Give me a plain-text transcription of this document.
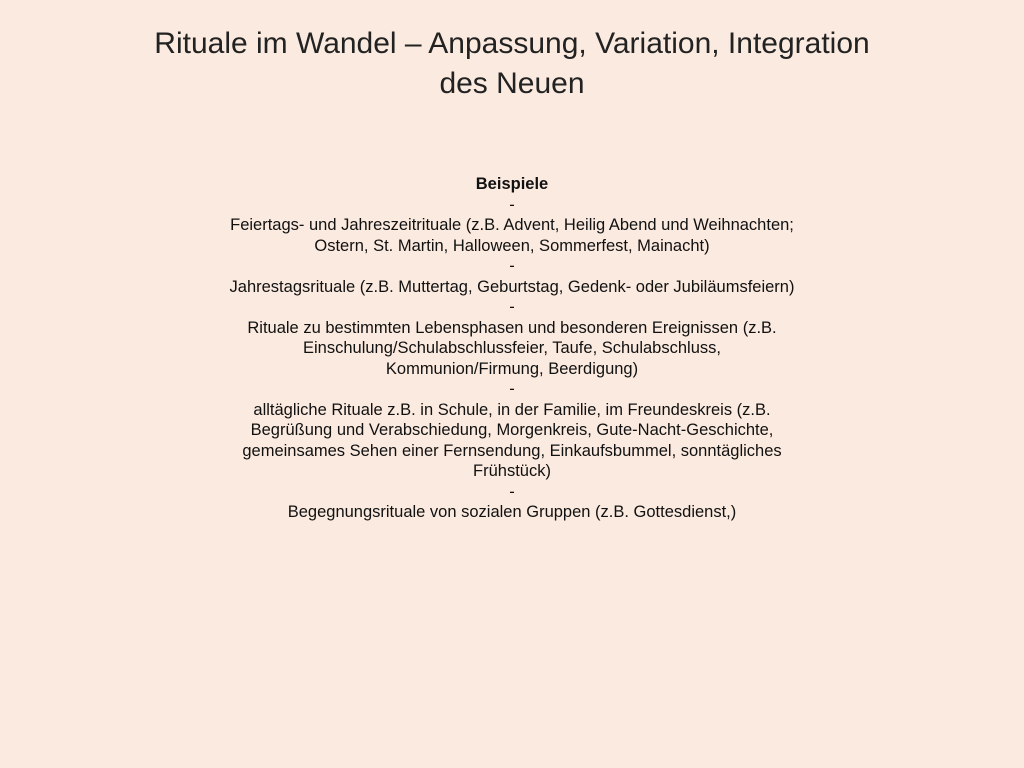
Rituale im Wandel – Anpassung, Variation, Integration
des Neuen

Beispiele

-

Feiertags- und Jahreszeitrituale (z.B. Advent, Heilig Abend und Weihnachten;
Ostern, St. Martin, Halloween, Sommerfest, Mainacht)

-

Jahrestagsrituale (z.B. Muttertag, Geburtstag, Gedenk- oder Jubiläumsfeiern)

-

Rituale zu bestimmten Lebensphasen und besonderen Ereignissen (z.B.
Einschulung/Schulabschlussfeier, Taufe, Schulabschluss,
Kommunion/Firmung, Beerdigung)

-

alltägliche Rituale z.B. in Schule, in der Familie, im Freundeskreis (z.B.
Begrüßung und Verabschiedung, Morgenkreis, Gute-Nacht-Geschichte,
gemeinsames Sehen einer Fernsendung, Einkaufsbummel, sonntägliches
Frühstück)

-

Begegnungsrituale von sozialen Gruppen (z.B. Gottesdienst,)
